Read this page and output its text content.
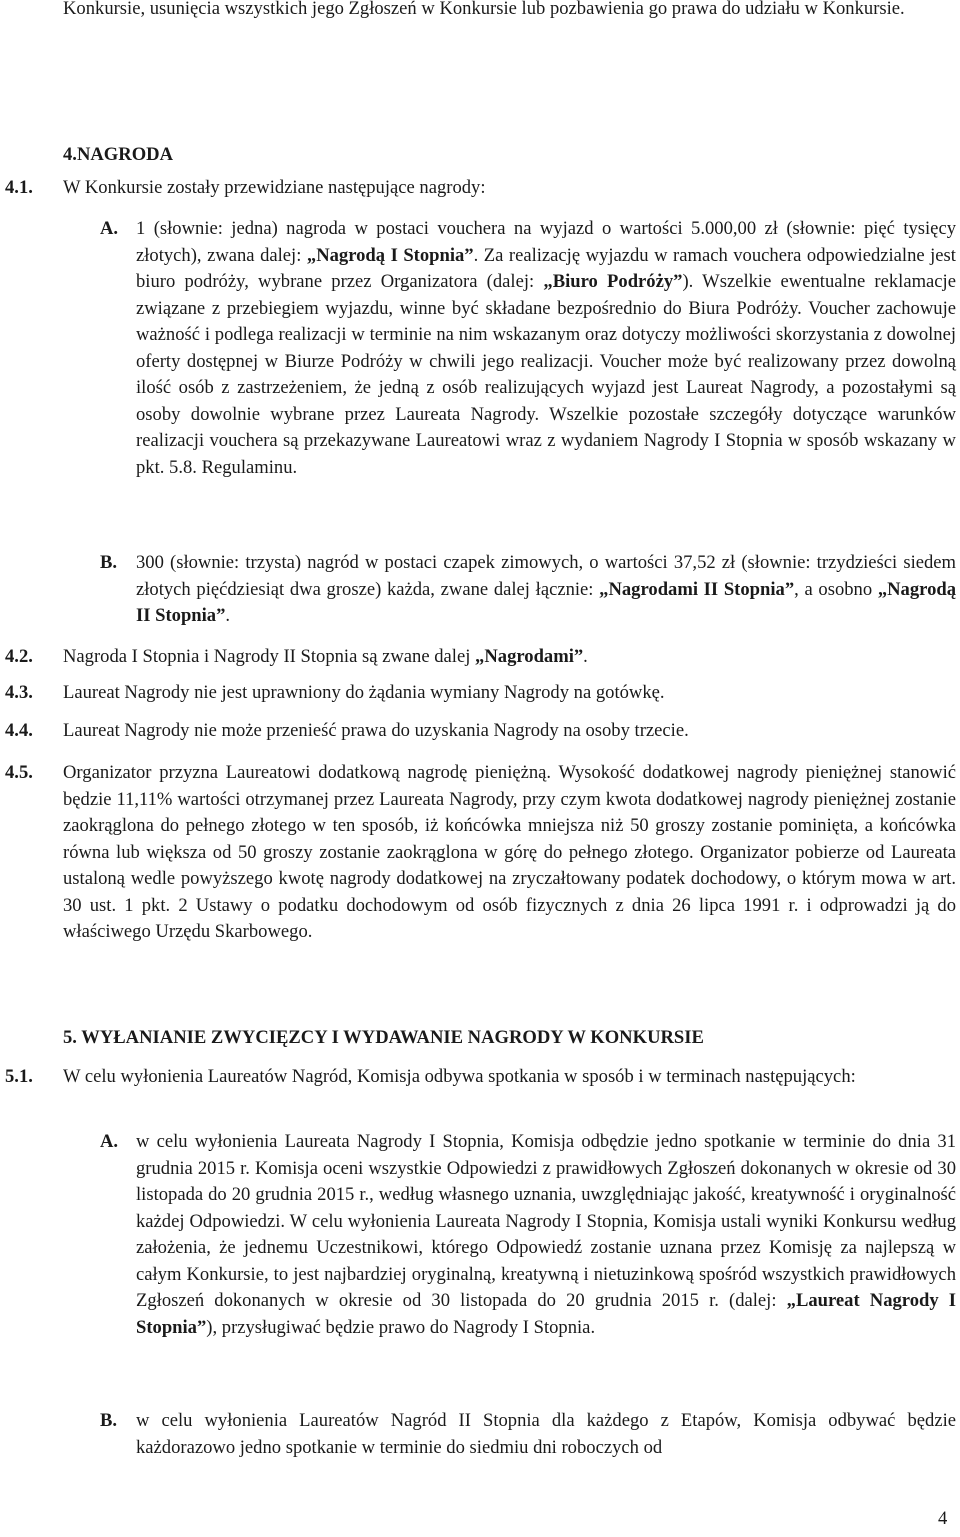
Konkursie, usunięcia wszystkich jego Zgłoszeń w Konkursie lub pozbawienia go prawa do udziału w Konkursie.
4.NAGRODA
4.1. W Konkursie zostały przewidziane następujące nagrody:
A. 1 (słownie: jedna) nagroda w postaci vouchera na wyjazd o wartości 5.000,00 zł (słownie: pięć tysięcy złotych), zwana dalej: „Nagrodą I Stopnia”. Za realizację wyjazdu w ramach vouchera odpowiedzialne jest biuro podróży, wybrane przez Organizatora (dalej: „Biuro Podróży”). Wszelkie ewentualne reklamacje związane z przebiegiem wyjazdu, winne być składane bezpośrednio do Biura Podróży. Voucher zachowuje ważność i podlega realizacji w terminie na nim wskazanym oraz dotyczy możliwości skorzystania z dowolnej oferty dostępnej w Biurze Podróży w chwili jego realizacji. Voucher może być realizowany przez dowolną ilość osób z zastrzeżeniem, że jedną z osób realizujących wyjazd jest Laureat Nagrody, a pozostałymi są osoby dowolnie wybrane przez Laureata Nagrody. Wszelkie pozostałe szczegóły dotyczące warunków realizacji vouchera są przekazywane Laureatowi wraz z wydaniem Nagrody I Stopnia w sposób wskazany w pkt. 5.8. Regulaminu.
B. 300 (słownie: trzysta) nagród w postaci czapek zimowych, o wartości 37,52 zł (słownie: trzydzieści siedem złotych pięćdziesiąt dwa grosze) każda, zwane dalej łącznie: „Nagrodami II Stopnia”, a osobno „Nagrodą II Stopnia”.
4.2. Nagroda I Stopnia i Nagrody II Stopnia są zwane dalej „Nagrodami”.
4.3. Laureat Nagrody nie jest uprawniony do żądania wymiany Nagrody na gotówkę.
4.4. Laureat Nagrody nie może przenieść prawa do uzyskania Nagrody na osoby trzecie.
4.5. Organizator przyzna Laureatowi dodatkową nagrodę pieniężną. Wysokość dodatkowej nagrody pieniężnej stanowić będzie 11,11% wartości otrzymanej przez Laureata Nagrody, przy czym kwota dodatkowej nagrody pieniężnej zostanie zaokrąglona do pełnego złotego w ten sposób, iż końcówka mniejsza niż 50 groszy zostanie pominięta, a końcówka równa lub większa od 50 groszy zostanie zaokrąglona w górę do pełnego złotego. Organizator pobierze od Laureata ustaloną wedle powyższego kwotę nagrody dodatkowej na zryczałtowany podatek dochodowy, o którym mowa w art. 30 ust. 1 pkt. 2 Ustawy o podatku dochodowym od osób fizycznych z dnia 26 lipca 1991 r. i odprowadzi ją do właściwego Urzędu Skarbowego.
5. WYŁANIANIE ZWYCIĘZCY I WYDAWANIE NAGRODY W KONKURSIE
5.1. W celu wyłonienia Laureatów Nagród, Komisja odbywa spotkania w sposób i w terminach następujących:
A. w celu wyłonienia Laureata Nagrody I Stopnia, Komisja odbędzie jedno spotkanie w terminie do dnia 31 grudnia 2015 r. Komisja oceni wszystkie Odpowiedzi z prawidłowych Zgłoszeń dokonanych w okresie od 30 listopada do 20 grudnia 2015 r., według własnego uznania, uwzględniając jakość, kreatywność i oryginalność każdej Odpowiedzi. W celu wyłonienia Laureata Nagrody I Stopnia, Komisja ustali wyniki Konkursu według założenia, że jednemu Uczestnikowi, którego Odpowiedź zostanie uznana przez Komisję za najlepszą w całym Konkursie, to jest najbardziej oryginalną, kreatywną i nietuzinkową spośród wszystkich prawidłowych Zgłoszeń dokonanych w okresie od 30 listopada do 20 grudnia 2015 r. (dalej: „Laureat Nagrody I Stopnia”), przysługiwać będzie prawo do Nagrody I Stopnia.
B. w celu wyłonienia Laureatów Nagród II Stopnia dla każdego z Etapów, Komisja odbywać będzie każdorazowo jedno spotkanie w terminie do siedmiu dni roboczych od
4
